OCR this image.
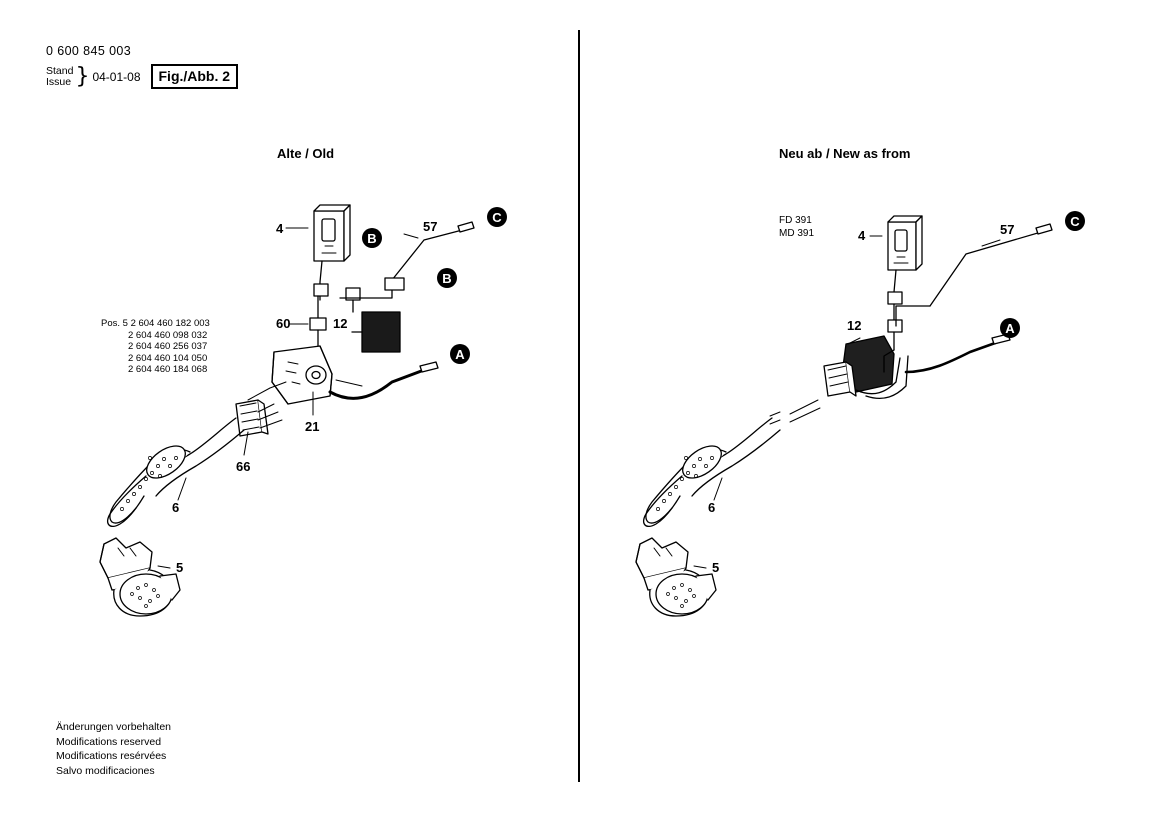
0 600 845 003
Stand
Issue } 04-01-08	Fig./Abb. 2
Alte / Old	Neu ab / New as from
Pos. 5 2 604 460 182 003
2 604 460 098 032
2 604 460 256 037
2 604 460 104 050
2 604 460 184 068
FD 391
MD 391
Änderungen vorbehalten
Modifications reserved
Modifications resérvées
Salvo modificaciones
4	57
60	12
21
66
6
5
C
B
B
A
4	57
12
6
5
C
A
